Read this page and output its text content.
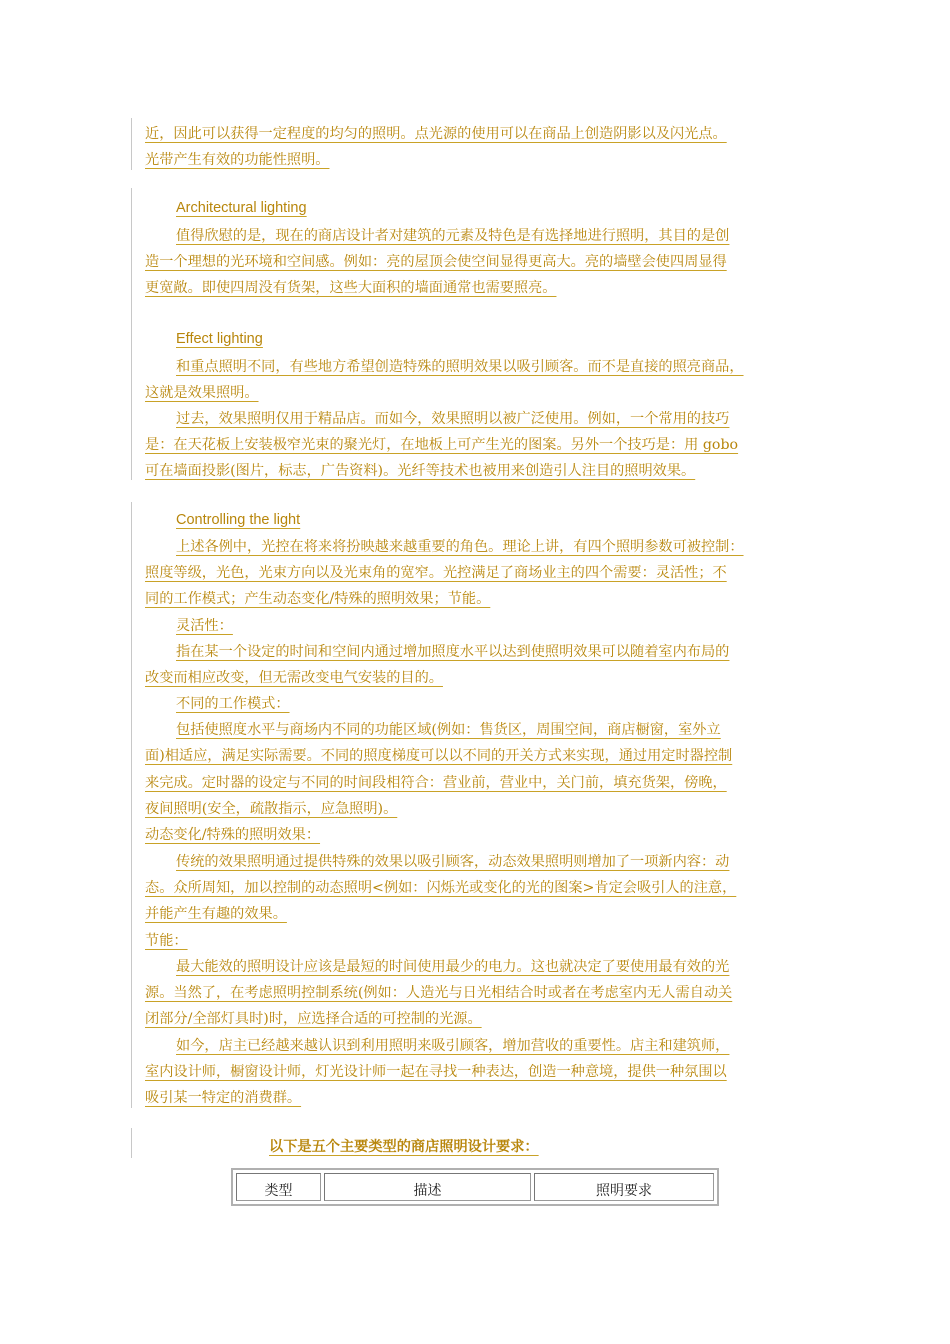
近，因此可以获得一定程度的均匀的照明。点光源的使用可以在商品上创造阴影以及闪光点。
光带产生有效的功能性照明。
Architectural lighting
值得欣慰的是，现在的商店设计者对建筑的元素及特色是有选择地进行照明，其目的是创
造一个理想的光环境和空间感。例如：亮的屋顶会使空间显得更高大。亮的墙壁会使四周显得
更宽敞。即使四周没有货架，这些大面积的墙面通常也需要照亮。
Effect lighting
和重点照明不同，有些地方希望创造特殊的照明效果以吸引顾客。而不是直接的照亮商品，
这就是效果照明。
过去，效果照明仅用于精品店。而如今，效果照明以被广泛使用。例如，一个常用的技巧
是：在天花板上安装极窄光束的聚光灯，在地板上可产生光的图案。另外一个技巧是：用 gobo
可在墙面投影(图片，标志，广告资料)。光纤等技术也被用来创造引人注目的照明效果。
Controlling the light
上述各例中，光控在将来将扮映越来越重要的角色。理论上讲，有四个照明参数可被控制：
照度等级，光色，光束方向以及光束角的宽窄。光控满足了商场业主的四个需要：灵活性；不
同的工作模式；产生动态变化/特殊的照明效果；节能。
灵活性：
指在某一个设定的时间和空间内通过增加照度水平以达到使照明效果可以随着室内布局的
改变而相应改变，但无需改变电气安装的目的。
不同的工作模式：
包括使照度水平与商场内不同的功能区域(例如：售货区，周围空间，商店橱窗，室外立
面)相适应，满足实际需要。不同的照度梯度可以以不同的开关方式来实现，通过用定时器控制
来完成。定时器的设定与不同的时间段相符合：营业前，营业中，关门前，填充货架，傍晚，
夜间照明(安全，疏散指示，应急照明)。
动态变化/特殊的照明效果：
传统的效果照明通过提供特殊的效果以吸引顾客，动态效果照明则增加了一项新内容：动
态。众所周知，加以控制的动态照明<例如：闪烁光或变化的光的图案>肯定会吸引人的注意，
并能产生有趣的效果。
节能：
最大能效的照明设计应该是最短的时间使用最少的电力。这也就决定了要使用最有效的光
源。当然了，在考虑照明控制系统(例如：人造光与日光相结合时或者在考虑室内无人需自动关
闭部分/全部灯具时)时，应选择合适的可控制的光源。
如今，店主已经越来越认识到利用照明来吸引顾客，增加营收的重要性。店主和建筑师，
室内设计师，橱窗设计师，灯光设计师一起在寻找一种表达，创造一种意境，提供一种氛围以
吸引某一特定的消费群。
以下是五个主要类型的商店照明设计要求：
类型	描述	照明要求
